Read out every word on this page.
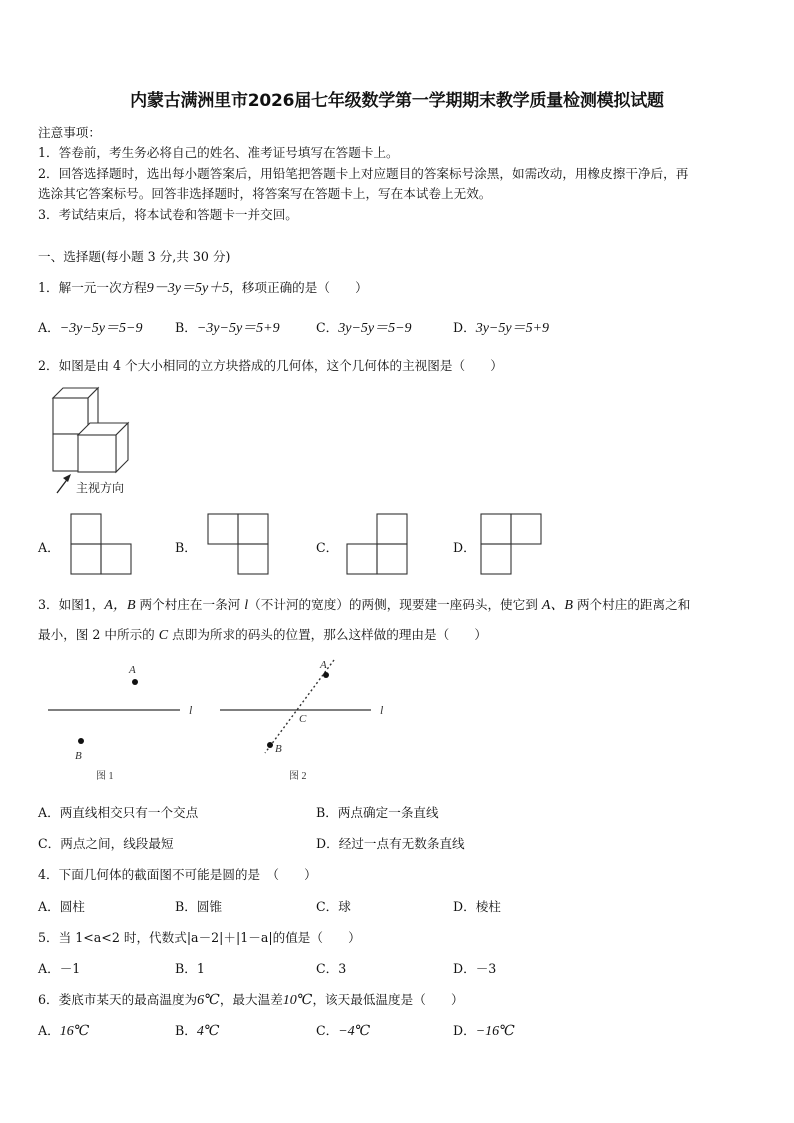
内蒙古满洲里市2026届七年级数学第一学期期末教学质量检测模拟试题
注意事项：
1．答卷前，考生务必将自己的姓名、准考证号填写在答题卡上。
2．回答选择题时，选出每小题答案后，用铅笔把答题卡上对应题目的答案标号涂黑，如需改动，用橡皮擦干净后，再
选涂其它答案标号。回答非选择题时，将答案写在答题卡上，写在本试卷上无效。
3．考试结束后，将本试卷和答题卡一并交回。
一、选择题(每小题 3 分,共 30 分)
1．解一元一次方程9－3y＝5y＋5，移项正确的是（　　）
A．−3y−5y＝5−9	B．−3y−5y＝5+9	C．3y−5y＝5−9	D．3y−5y＝5+9
2．如图是由 4 个大小相同的立方块搭成的几何体，这个几何体的主视图是（　　）
主视方向
A．	B．	C．	D．
3．如图1，A，B 两个村庄在一条河 l（不计河的宽度）的两侧，现要建一座码头，使它到 A、B 两个村庄的距离之和
最小，图 2 中所示的 C 点即为所求的码头的位置，那么这样做的理由是（　　）
A
l
B
图 1
A
l
C
B
图 2
A．两直线相交只有一个交点	B．两点确定一条直线
C．两点之间，线段最短	D．经过一点有无数条直线
4．下面几何体的截面图不可能是圆的是　（　　）
A．圆柱	B．圆锥	C．球	D．棱柱
5．当 1<a<2 时，代数式|a－2|＋|1－a|的值是（　　）
A．－1	B．1	C．3	D．－3
6．娄底市某天的最高温度为6℃，最大温差10℃，该天最低温度是（　　）
A．16℃	B．4℃	C．−4℃	D．−16℃
